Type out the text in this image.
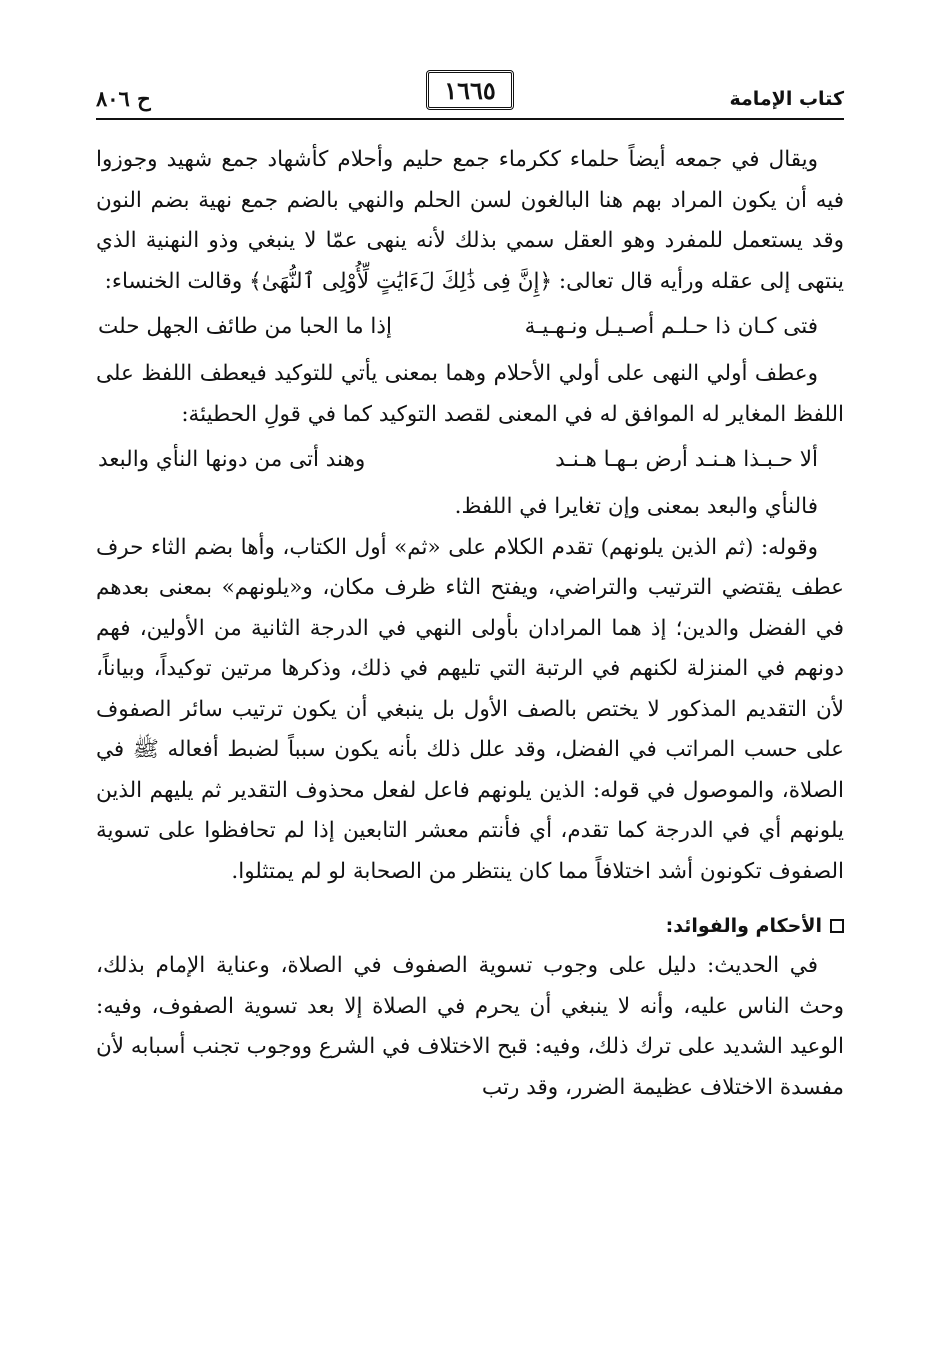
كتاب الإمامة
١٦٦٥
ح ٨٠٦

ويقال في جمعه أيضاً حلماء ككرماء جمع حليم وأحلام كأشهاد جمع شهيد وجوزوا فيه أن يكون المراد بهم هنا البالغون لسن الحلم والنهي بالضم جمع نهية بضم النون وقد يستعمل للمفرد وهو العقل سمي بذلك لأنه ينهى عمّا لا ينبغي وذو النهنية الذي ينتهى إلى عقله ورأيه قال تعالى: ﴿إِنَّ فِى ذَٰلِكَ لَءَايَٰتٍ لِّأُوْلِى ٱلنُّهَىٰ﴾ وقالت الخنساء:

فتى كـان ذا حـلـم أصـيـل ونـهـيـة
إذا ما الحبا من طائف الجهل حلت

وعطف أولي النهى على أولي الأحلام وهما بمعنى يأتي للتوكيد فيعطف اللفظ على اللفظ المغاير له الموافق له في المعنى لقصد التوكيد كما في قولِ الحطيئة:

ألا حـبـذا هـنـد أرض بـهـا هـنـد
وهند أتى من دونها النأي والبعد

فالنأي والبعد بمعنى وإن تغايرا في اللفظ.

وقوله: (ثم الذين يلونهم) تقدم الكلام على «ثم» أول الكتاب، وأها بضم الثاء حرف عطف يقتضي الترتيب والتراضي، ويفتح الثاء ظرف مكان، و«يلونهم» بمعنى بعدهم في الفضل والدين؛ إذ هما المرادان بأولى النهي في الدرجة الثانية من الأولين، فهم دونهم في المنزلة لكنهم في الرتبة التي تليهم في ذلك، وذكرها مرتين توكيداً، وبياناً، لأن التقديم المذكور لا يختص بالصف الأول بل ينبغي أن يكون ترتيب سائر الصفوف على حسب المراتب في الفضل، وقد علل ذلك بأنه يكون سبباً لضبط أفعاله ﷺ في الصلاة، والموصول في قوله: الذين يلونهم فاعل لفعل محذوف التقدير ثم يليهم الذين يلونهم أي في الدرجة كما تقدم، أي فأنتم معشر التابعين إذا لم تحافظوا على تسوية الصفوف تكونون أشد اختلافاً مما كان ينتظر من الصحابة لو لم يمتثلوا.

الأحكام والفوائد:

في الحديث: دليل على وجوب تسوية الصفوف في الصلاة، وعناية الإمام بذلك، وحث الناس عليه، وأنه لا ينبغي أن يحرم في الصلاة إلا بعد تسوية الصفوف، وفيه: الوعيد الشديد على ترك ذلك، وفيه: قبح الاختلاف في الشرع ووجوب تجنب أسبابه لأن مفسدة الاختلاف عظيمة الضرر، وقد رتب
